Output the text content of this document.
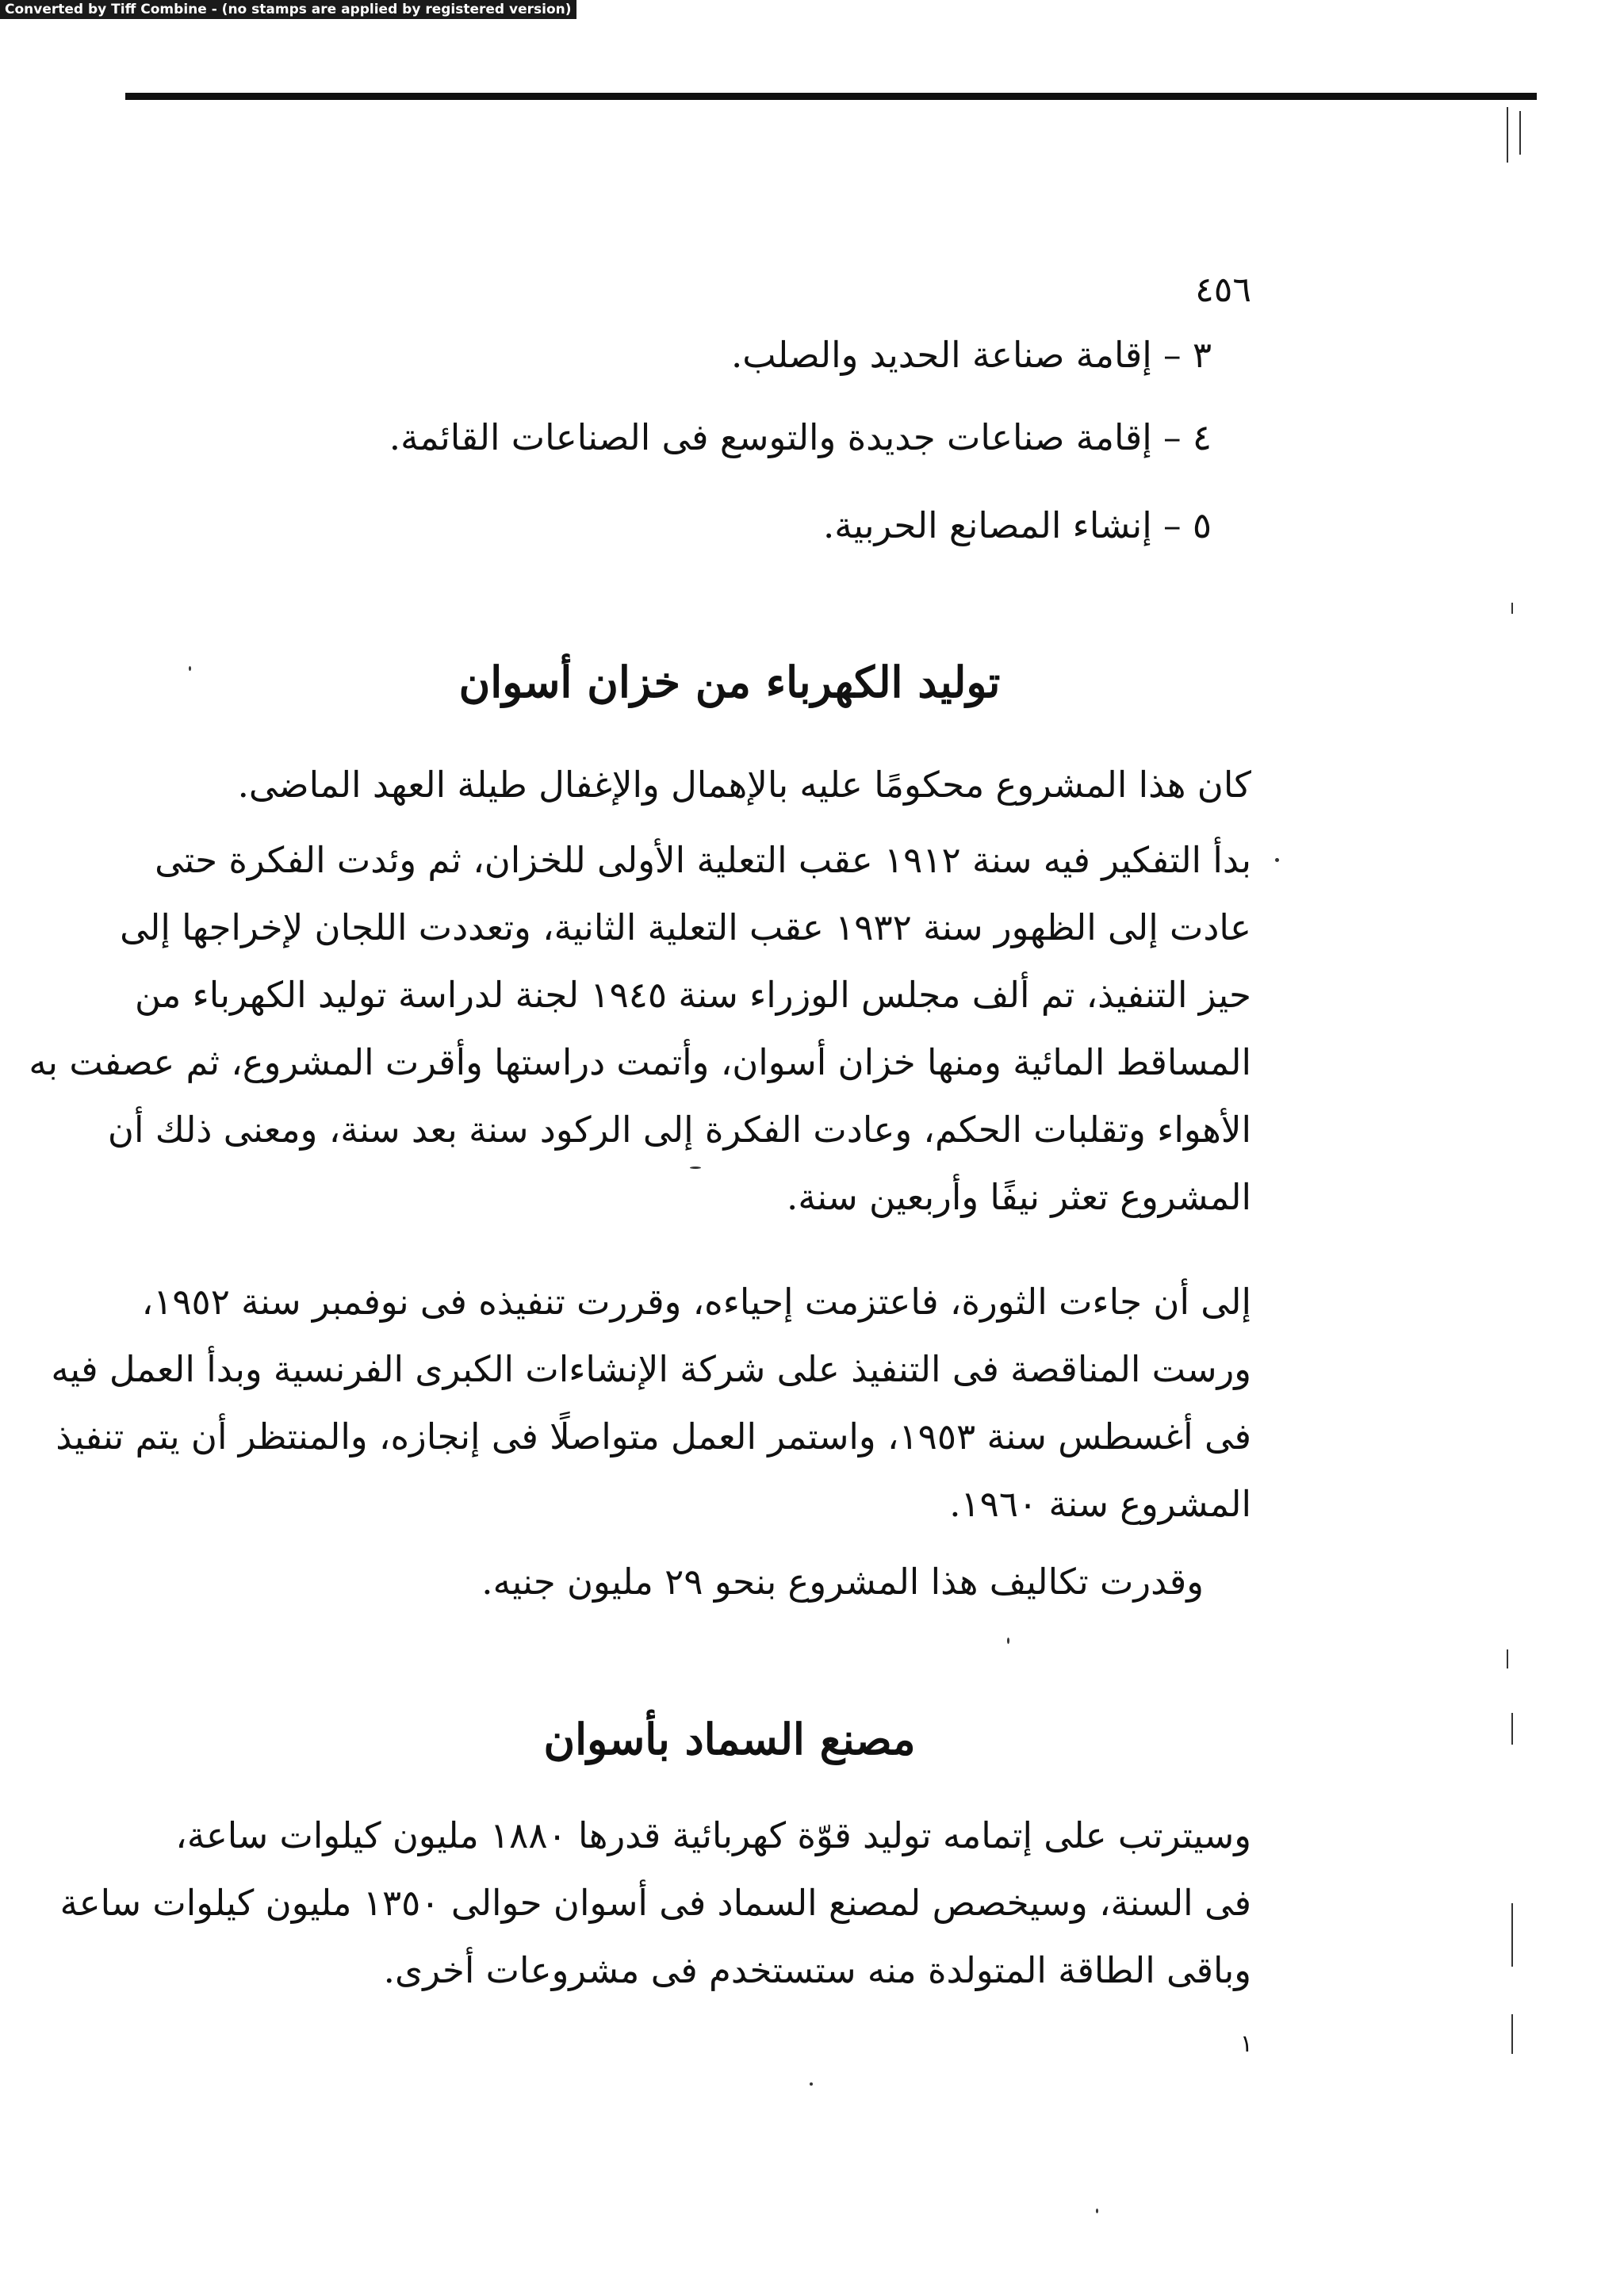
Converted by Tiff Combine - (no stamps are applied by registered version)
٤٥٦
٣ – إقامة صناعة الحديد والصلب.
٤ – إقامة صناعات جديدة والتوسع فى الصناعات القائمة.
٥ – إنشاء المصانع الحربية.
توليد الكهرباء من خزان أسوان
كان هذا المشروع محكومًا عليه بالإهمال والإغفال طيلة العهد الماضى.
بدأ التفكير فيه سنة ١٩١٢ عقب التعلية الأولى للخزان، ثم وئدت الفكرة حتى
عادت إلى الظهور سنة ١٩٣٢ عقب التعلية الثانية، وتعددت اللجان لإخراجها إلى
حيز التنفيذ، تم ألف مجلس الوزراء سنة ١٩٤٥ لجنة لدراسة توليد الكهرباء من
المساقط المائية ومنها خزان أسوان، وأتمت دراستها وأقرت المشروع، ثم عصفت به
الأهواء وتقلبات الحكم، وعادت الفكرة إلى الركود سنة بعد سنة، ومعنى ذلك أن
المشروع تعثر نيفًا وأربعين سنة.
إلى أن جاءت الثورة، فاعتزمت إحياءه، وقررت تنفيذه فى نوفمبر سنة ١٩٥٢،
ورست المناقصة فى التنفيذ على شركة الإنشاءات الكبرى الفرنسية وبدأ العمل فيه
فى أغسطس سنة ١٩٥٣، واستمر العمل متواصلًا فى إنجازه، والمنتظر أن يتم تنفيذ
المشروع سنة ١٩٦٠.
وقدرت تكاليف هذا المشروع بنحو ٢٩ مليون جنيه.
مصنع السماد بأسوان
وسيترتب على إتمامه توليد قوّة كهربائية قدرها ١٨٨٠ مليون كيلوات ساعة،
فى السنة، وسيخصص لمصنع السماد فى أسوان حوالى ١٣٥٠ مليون كيلوات ساعة
وباقى الطاقة المتولدة منه ستستخدم فى مشروعات أخرى.
١
